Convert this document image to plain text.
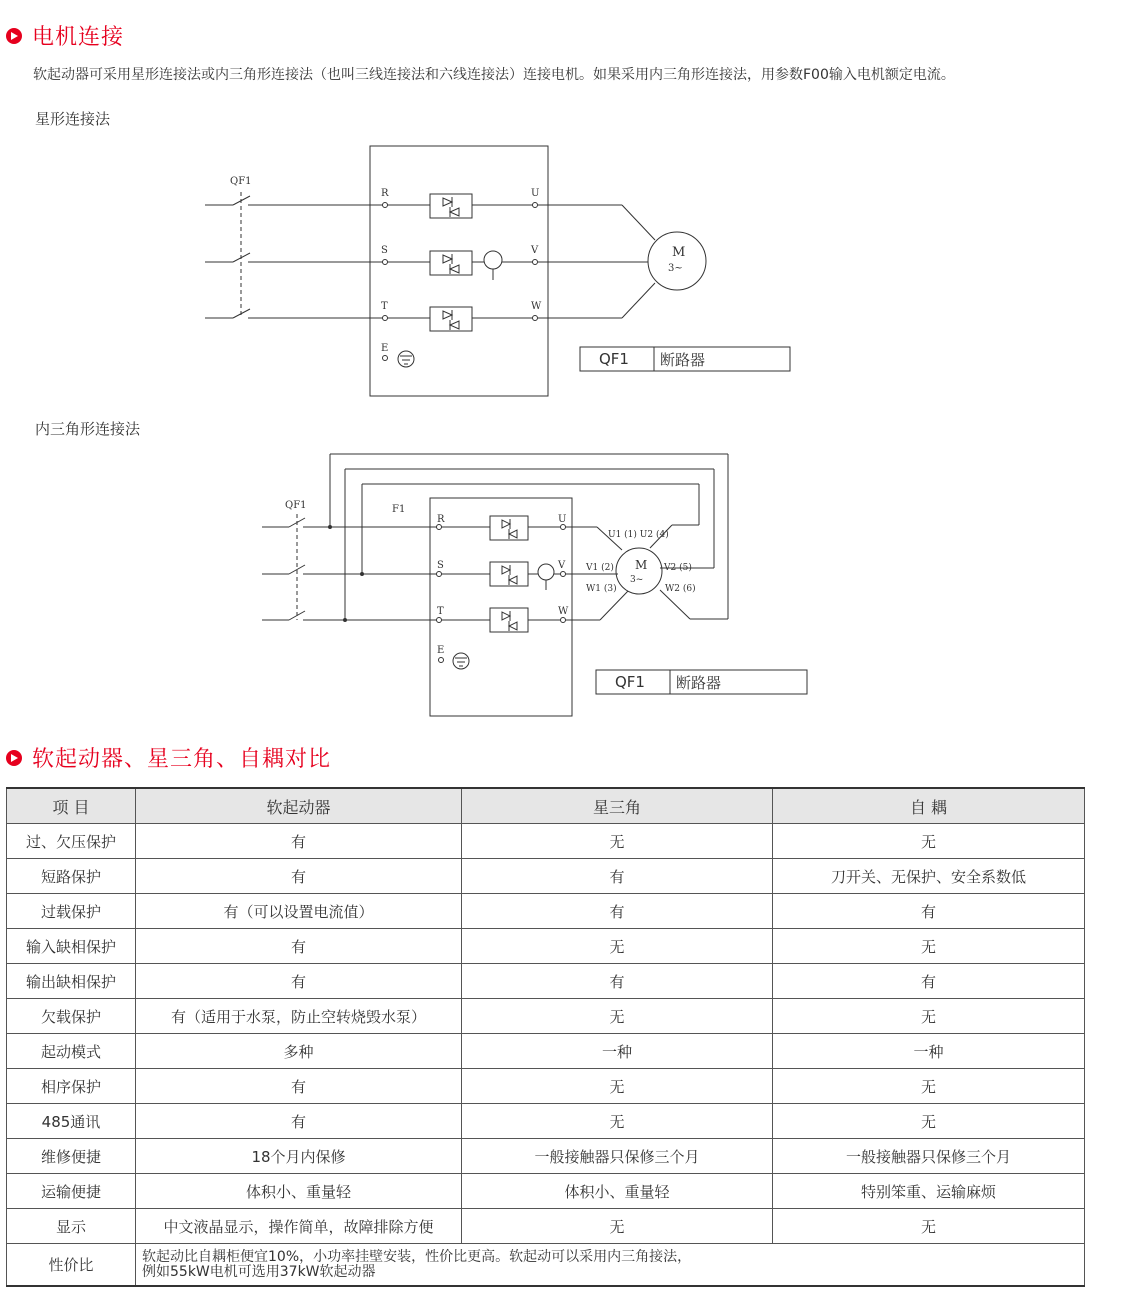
电机连接
软起动器可采用星形连接法或内三角形连接法（也叫三线连接法和六线连接法）连接电机。如果采用内三角形连接法，用参数F00输入电机额定电流。
星形连接法
QF1
R
S
T
U
V
W
E
M
3~
QF1 断路器
内三角形连接法
QF1	F1
R
S
T
U
V
W
E
M
3~
U1 (1) U2 (4)
V1 (2)
W1 (3)
V2 (5)
W2 (6)
QF1 断路器
软起动器、星三角、自耦对比
项 目	软起动器	星三角	自 耦
过、欠压保护	有	无	无
短路保护	有	有	刀开关、无保护、安全系数低
过载保护	有（可以设置电流值）	有	有
输入缺相保护	有	无	无
输出缺相保护	有	有	有
欠载保护	有（适用于水泵，防止空转烧毁水泵）	无	无
起动模式	多种	一种	一种
相序保护	有	无	无
485通讯	有	无	无
维修便捷	18个月内保修	一般接触器只保修三个月	一般接触器只保修三个月
运输便捷	体积小、重量轻	体积小、重量轻	特别笨重、运输麻烦
显示	中文液晶显示，操作简单，故障排除方便	无	无
性价比	软起动比自耦柜便宜10%，小功率挂壁安装，性价比更高。软起动可以采用内三角接法，
例如55kW电机可选用37kW软起动器		
